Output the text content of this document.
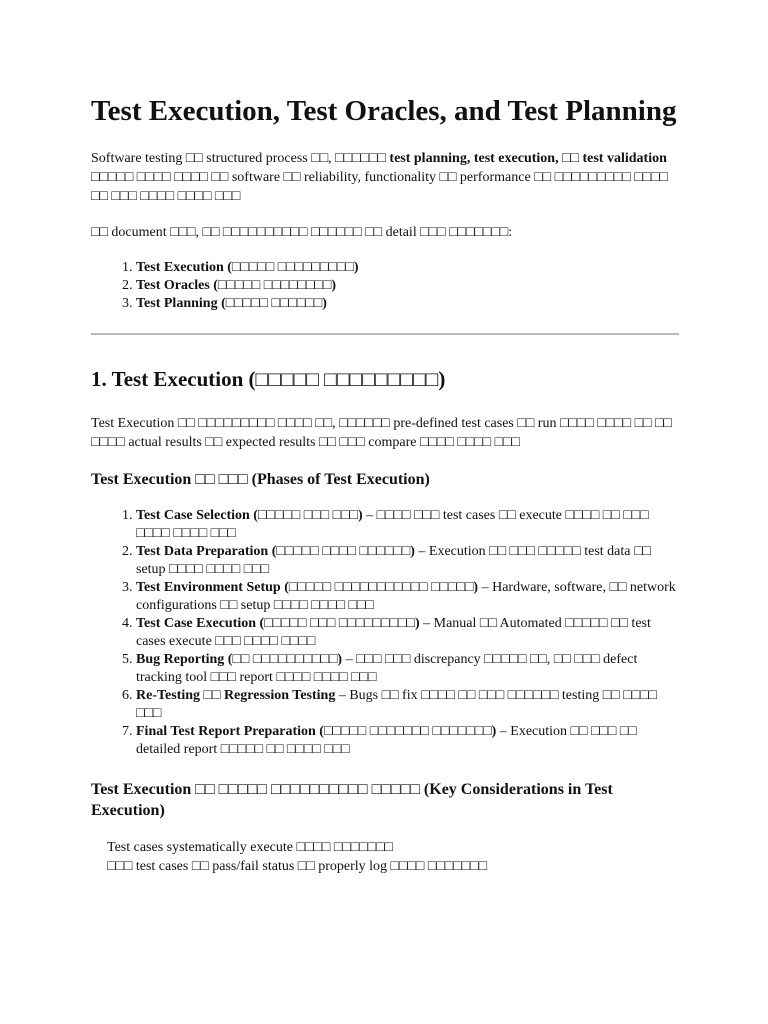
Test Execution, Test Oracles, and Test Planning

Software testing □□ structured process □□, □□□□□□ test planning, test execution, □□ test validation □□□□□ □□□□ □□□□ □□ software □□ reliability, functionality □□ performance □□ □□□□□□□□□ □□□□ □□ □□□ □□□□ □□□□ □□□

□□ document □□□, □□ □□□□□□□□□□ □□□□□□ □□ detail □□□ □□□□□□□:

1. Test Execution (□□□□□ □□□□□□□□□)
2. Test Oracles (□□□□□ □□□□□□□□)
3. Test Planning (□□□□□ □□□□□□)
1. Test Execution (□□□□□ □□□□□□□□□)

Test Execution □□ □□□□□□□□□ □□□□ □□, □□□□□□ pre-defined test cases □□ run □□□□ □□□□ □□ □□ □□□□ actual results □□ expected results □□ □□□ compare □□□□ □□□□ □□□

Test Execution □□ □□□ (Phases of Test Execution)
1. Test Case Selection (□□□□□ □□□ □□□) – □□□□ □□□ test cases □□ execute □□□□ □□ □□□ □□□□ □□□□ □□□
2. Test Data Preparation (□□□□□ □□□□ □□□□□□) – Execution □□ □□□ □□□□□ test data □□ setup □□□□ □□□□ □□□
3. Test Environment Setup (□□□□□ □□□□□□□□□□□ □□□□□) – Hardware, software, □□ network configurations □□ setup □□□□ □□□□ □□□
4. Test Case Execution (□□□□□ □□□ □□□□□□□□□) – Manual □□ Automated □□□□□ □□ test cases execute □□□ □□□□ □□□□
5. Bug Reporting (□□ □□□□□□□□□□) – □□□ □□□ discrepancy □□□□□ □□, □□ □□□ defect tracking tool □□□ report □□□□ □□□□ □□□
6. Re-Testing □□ Regression Testing – Bugs □□ fix □□□□ □□ □□□ □□□□□□ testing □□ □□□□ □□□
7. Final Test Report Preparation (□□□□□ □□□□□□□ □□□□□□□) – Execution □□ □□□ □□ detailed report □□□□□ □□ □□□□ □□□
Test Execution □□ □□□□□ □□□□□□□□□□ □□□□□ (Key Considerations in Test Execution)
Test cases systematically execute □□□□ □□□□□□□
□□□ test cases □□ pass/fail status □□ properly log □□□□ □□□□□□□
